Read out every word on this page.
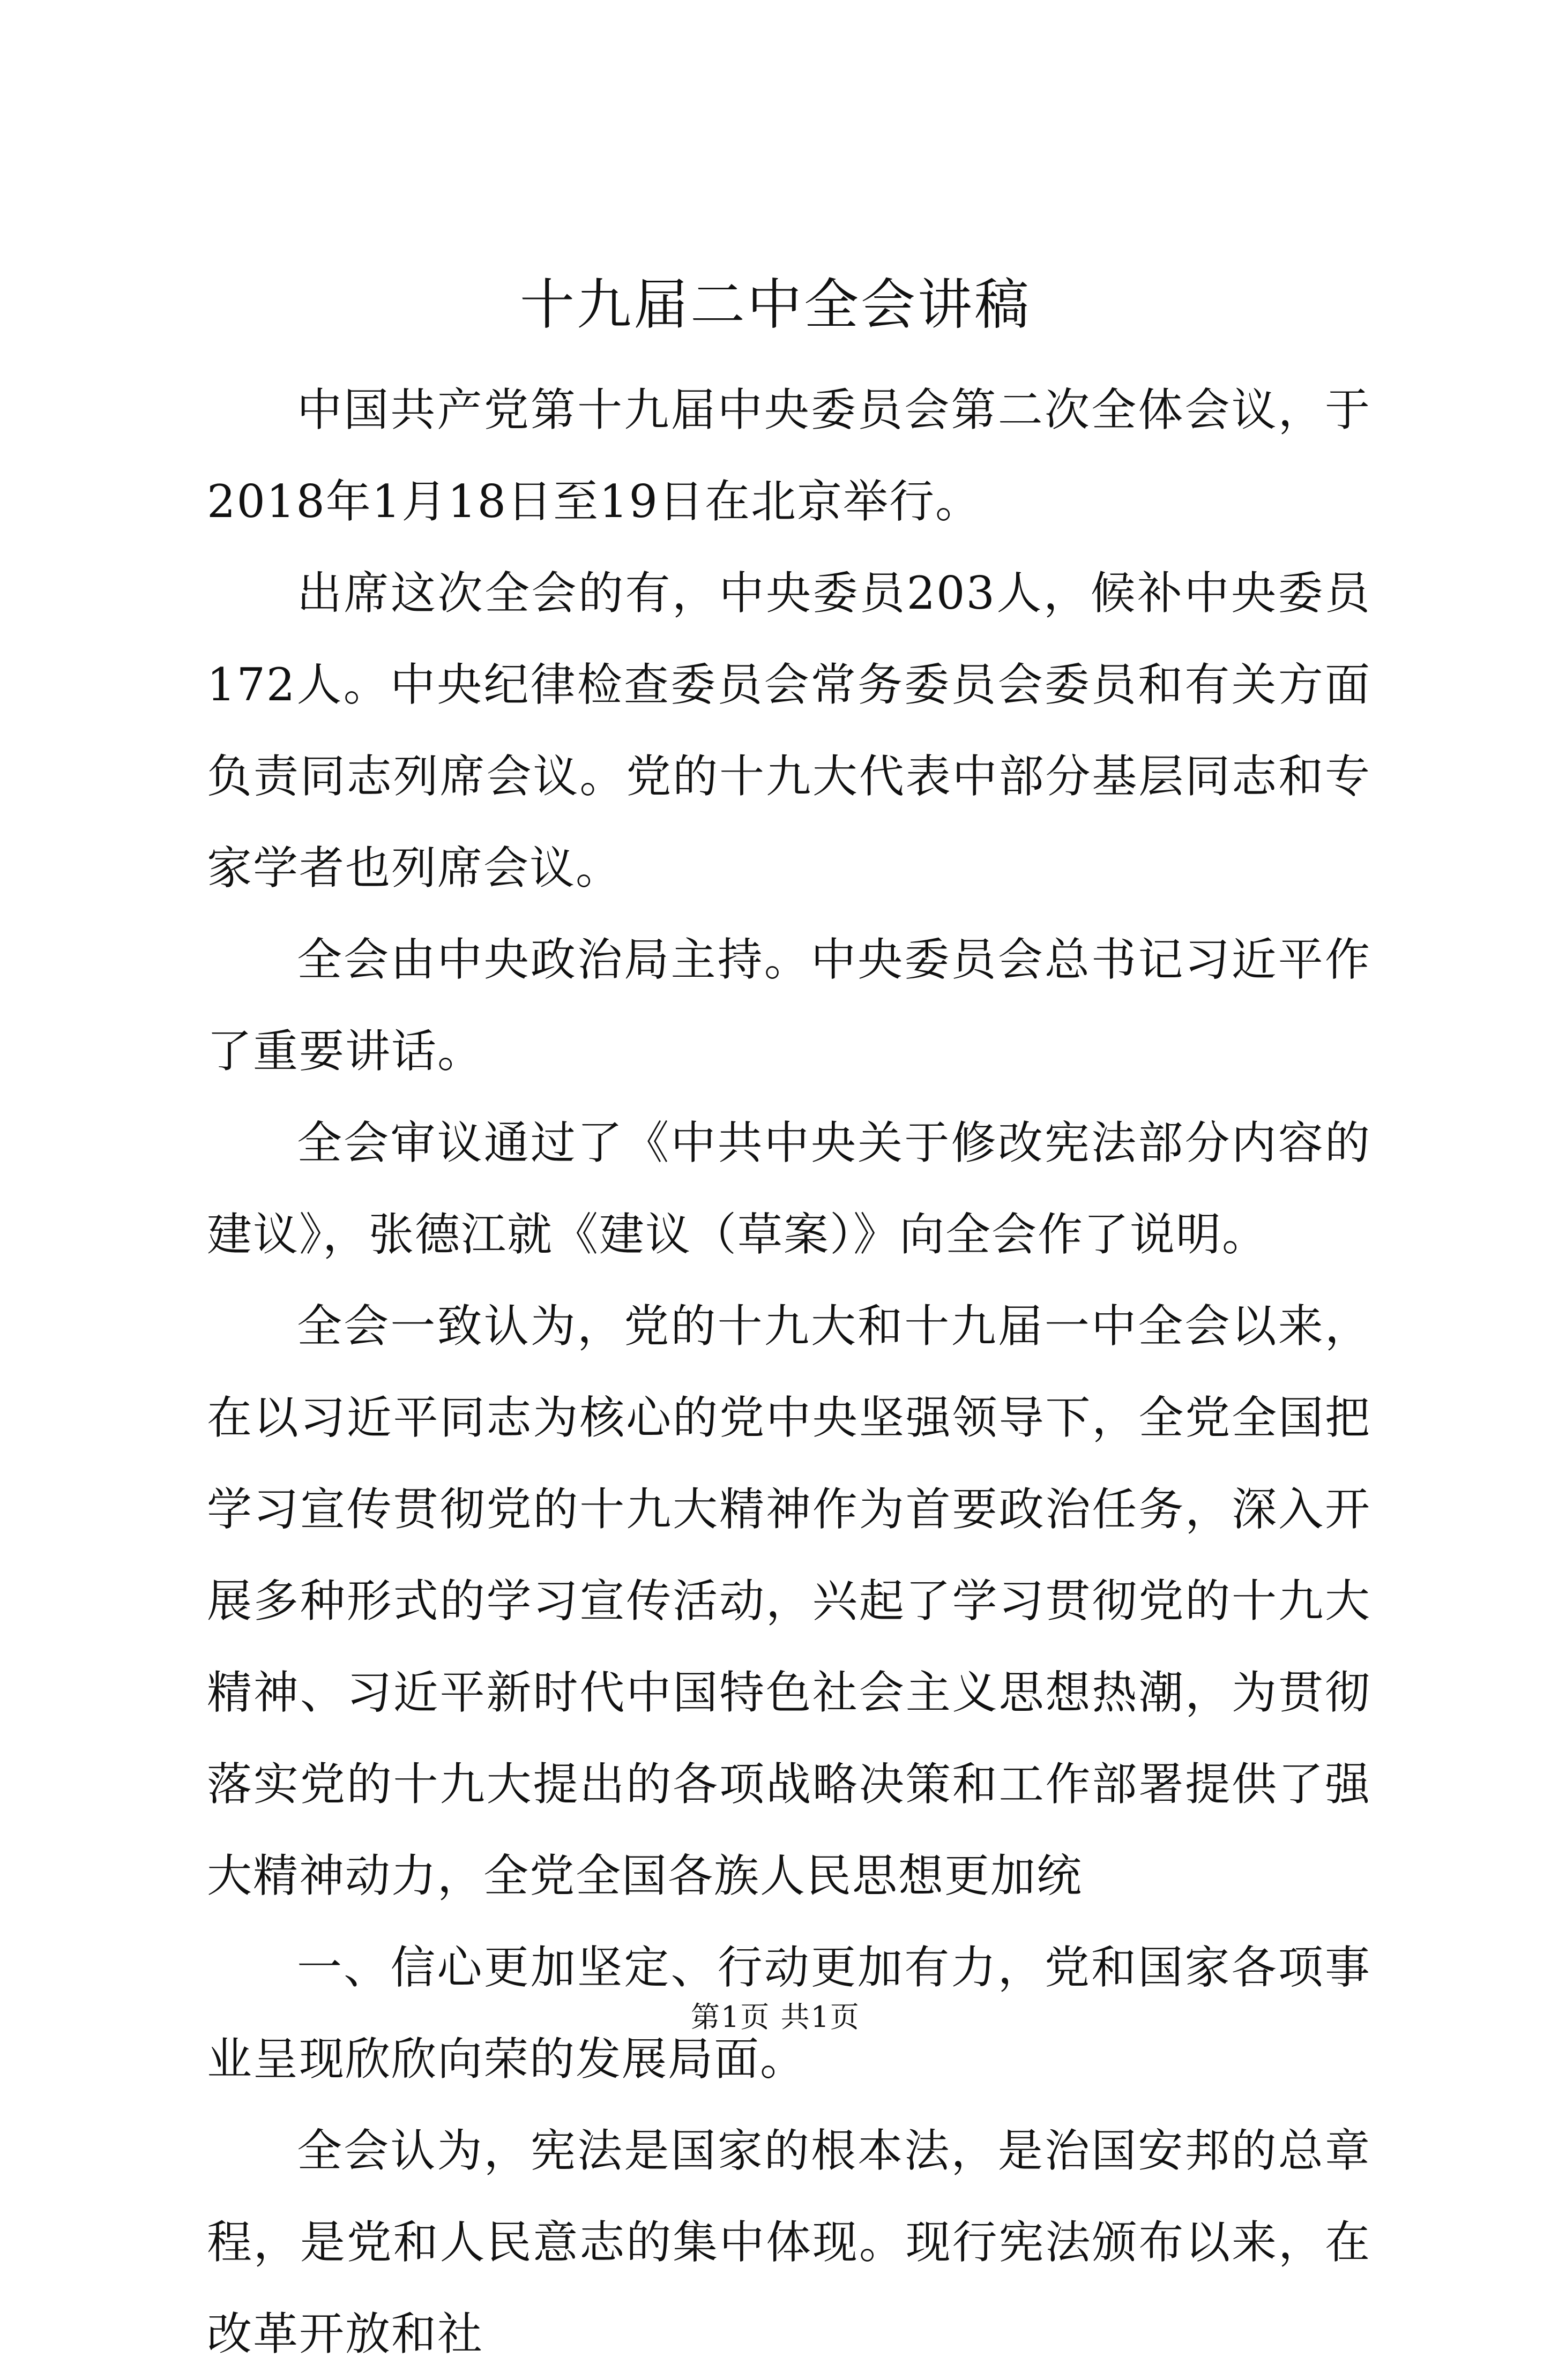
十九届二中全会讲稿

中国共产党第十九届中央委员会第二次全体会议，于2018年1月18日至19日在北京举行。

出席这次全会的有，中央委员203人，候补中央委员172人。中央纪律检查委员会常务委员会委员和有关方面负责同志列席会议。党的十九大代表中部分基层同志和专家学者也列席会议。

全会由中央政治局主持。中央委员会总书记习近平作了重要讲话。

全会审议通过了《中共中央关于修改宪法部分内容的建议》，张德江就《建议（草案）》向全会作了说明。

全会一致认为，党的十九大和十九届一中全会以来，在以习近平同志为核心的党中央坚强领导下，全党全国把学习宣传贯彻党的十九大精神作为首要政治任务，深入开展多种形式的学习宣传活动，兴起了学习贯彻党的十九大精神、习近平新时代中国特色社会主义思想热潮，为贯彻落实党的十九大提出的各项战略决策和工作部署提供了强大精神动力，全党全国各族人民思想更加统

一、信心更加坚定、行动更加有力，党和国家各项事业呈现欣欣向荣的发展局面。

全会认为，宪法是国家的根本法，是治国安邦的总章程，是党和人民意志的集中体现。现行宪法颁布以来，在改革开放和社

第1页 共1页
